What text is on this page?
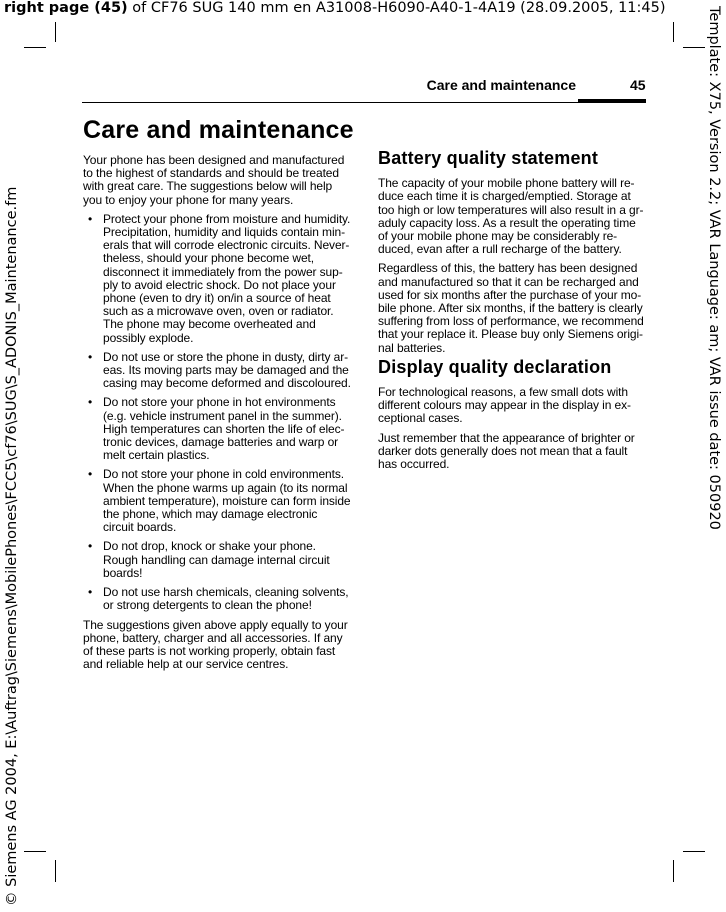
right page (45) of CF76 SUG 140 mm en A31008-H6090-A40-1-4A19 (28.09.2005, 11:45)
© Siemens AG 2004, E:\Auftrag\Siemens\MobilePhones\FCC5\cf76\SUG\S_ADONIS_Maintenance.fm	Template: X75, Version 2.2; VAR Language: am; VAR issue date: 050920
Care and maintenance	45
Care and maintenance

Your phone has been designed and manufactured to the highest of standards and should be treated with great care. The suggestions below will help you to enjoy your phone for many years.

• Protect your phone from moisture and humidity. Precipitation, humidity and liquids contain min-erals that will corrode electronic circuits. Never-theless, should your phone become wet, disconnect it immediately from the power sup-ply to avoid electric shock. Do not place your phone (even to dry it) on/in a source of heat such as a microwave oven, oven or radiator. The phone may become overheated and possibly explode.
• Do not use or store the phone in dusty, dirty ar-eas. Its moving parts may be damaged and the casing may become deformed and discoloured.
• Do not store your phone in hot environments (e.g. vehicle instrument panel in the summer). High temperatures can shorten the life of elec-tronic devices, damage batteries and warp or melt certain plastics.
• Do not store your phone in cold environments. When the phone warms up again (to its normal ambient temperature), moisture can form inside the phone, which may damage electronic circuit boards.
• Do not drop, knock or shake your phone. Rough handling can damage internal circuit boards!
• Do not use harsh chemicals, cleaning solvents, or strong detergents to clean the phone!

The suggestions given above apply equally to your phone, battery, charger and all accessories. If any of these parts is not working properly, obtain fast and reliable help at our service centres.

Battery quality statement

The capacity of your mobile phone battery will re-duce each time it is charged/emptied. Storage at too high or low temperatures will also result in a gr-aduly capacity loss. As a result the operating time of your mobile phone may be considerably re-duced, evan after a rull recharge of the battery.

Regardless of this, the battery has been designed and manufactured so that it can be recharged and used for six months after the purchase of your mo-bile phone. After six months, if the battery is clearly suffering from loss of performance, we recommend that your replace it. Please buy only Siemens origi-nal batteries.

Display quality declaration

For technological reasons, a few small dots with different colours may appear in the display in ex-ceptional cases.

Just remember that the appearance of brighter or darker dots generally does not mean that a fault has occurred.
